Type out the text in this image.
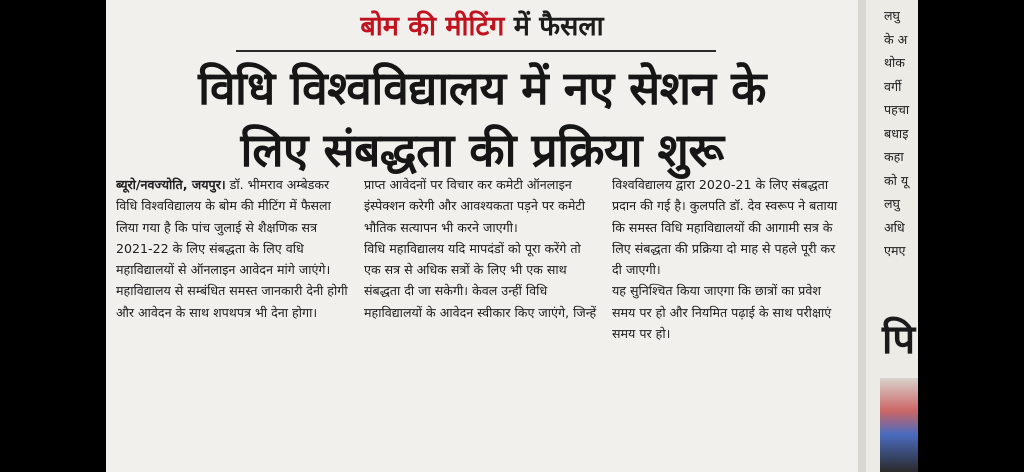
बोम की मीटिंग में फैसला
विधि विश्वविद्यालय में नए सेशन के
लिए संबद्धता की प्रक्रिया शुरू

ब्यूरो/नवज्योति, जयपुर। डॉ. भीमराव अम्बेडकर विधि विश्वविद्यालय के बोम की मीटिंग में फैसला लिया गया है कि पांच जुलाई से शैक्षणिक सत्र 2021-22 के लिए संबद्धता के लिए वधि महाविद्यालयों से ऑनलाइन आवेदन मांगे जाएंगे।

महाविद्यालय से सम्बंधित समस्त जानकारी देनी होगी और आवेदन के साथ शपथपत्र भी देना होगा।

प्राप्त आवेदनों पर विचार कर कमेटी ऑनलाइन इंस्पेक्शन करेगी और आवश्यकता पड़ने पर कमेटी भौतिक सत्यापन भी करने जाएगी।

विधि महाविद्यालय यदि मापदंडों को पूरा करेंगे तो एक सत्र से अधिक सत्रों के लिए भी एक साथ संबद्धता दी जा सकेगी। केवल उन्हीं विधि महाविद्यालयों के आवेदन स्वीकार किए जाएंगे, जिन्हें

विश्वविद्यालय द्वारा 2020-21 के लिए संबद्धता प्रदान की गई है। कुलपति डॉ. देव स्वरूप ने बताया कि समस्त विधि महाविद्यालयों की आगामी सत्र के लिए संबद्धता की प्रक्रिया दो माह से पहले पूरी कर दी जाएगी।

यह सुनिश्चित किया जाएगा कि छात्रों का प्रवेश समय पर हो और नियमित पढ़ाई के साथ परीक्षाएं समय पर हो।

लघु
के अ
थोक
वर्गी
पहचा
बधाइ
कहा
को यू
लघु
अधि
एमए
पि
